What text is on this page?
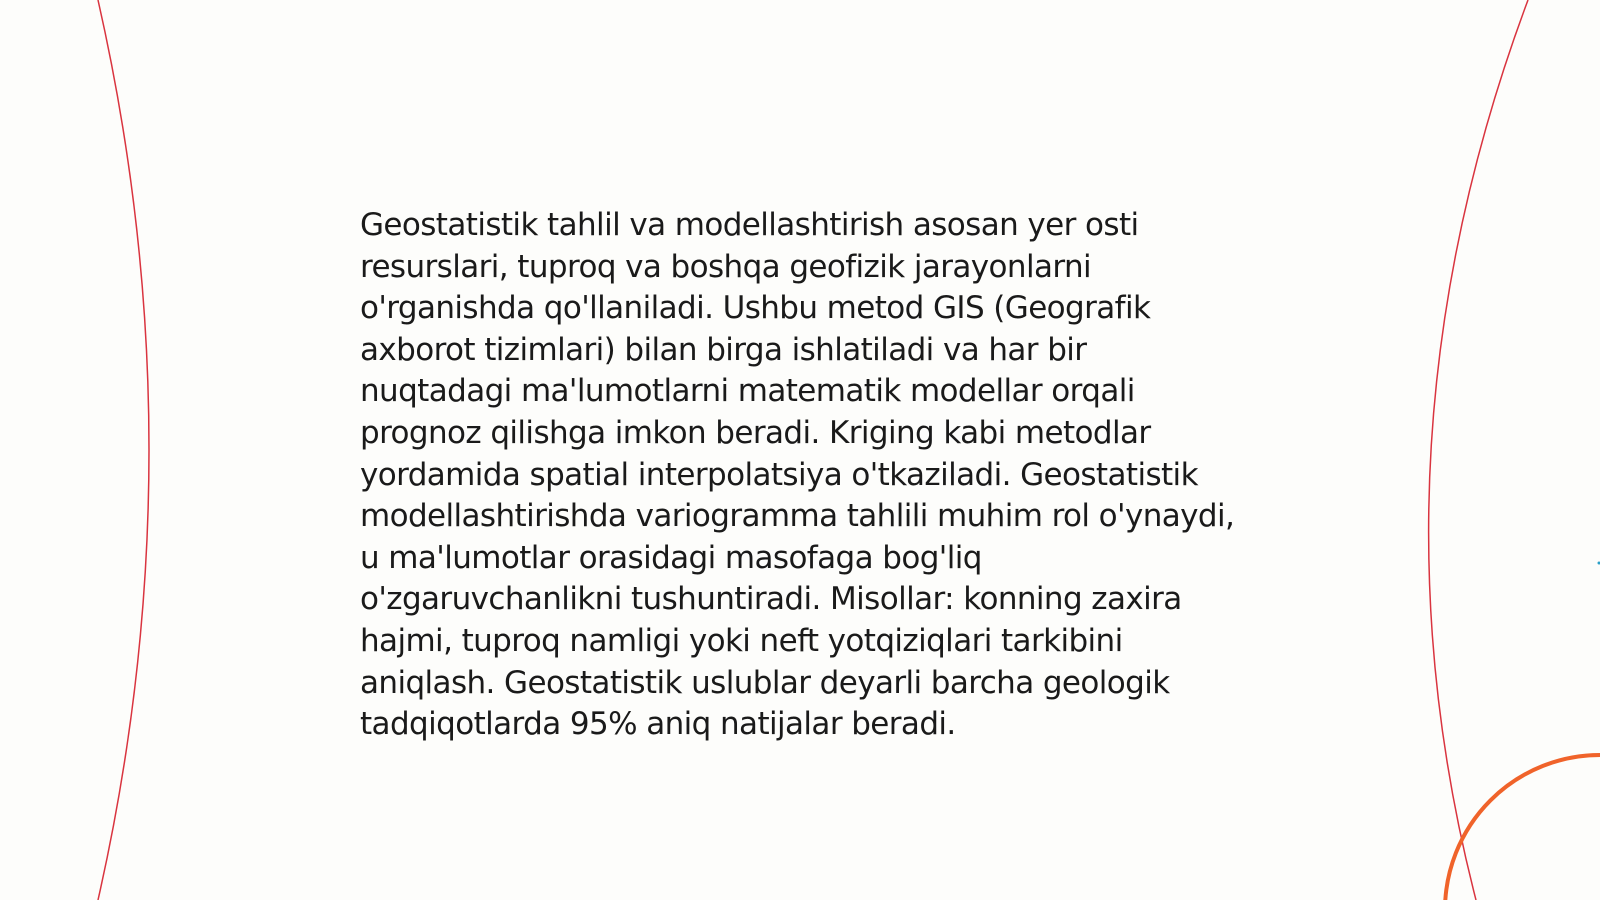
Geostatistik tahlil va modellashtirish asosan yer osti resurslari, tuproq va boshqa geofizik jarayonlarni o'rganishda qo'llaniladi. Ushbu metod GIS (Geografik axborot tizimlari) bilan birga ishlatiladi va har bir nuqtadagi ma'lumotlarni matematik modellar orqali prognoz qilishga imkon beradi. Kriging kabi metodlar yordamida spatial interpolatsiya o'tkaziladi. Geostatistik modellashtirishda variogramma tahlili muhim rol o'ynaydi, u ma'lumotlar orasidagi masofaga bog'liq o'zgaruvchanlikni tushuntiradi. Misollar: konning zaxira hajmi, tuproq namligi yoki neft yotqiziqlari tarkibini aniqlash. Geostatistik uslublar deyarli barcha geologik tadqiqotlarda 95% aniq natijalar beradi.
